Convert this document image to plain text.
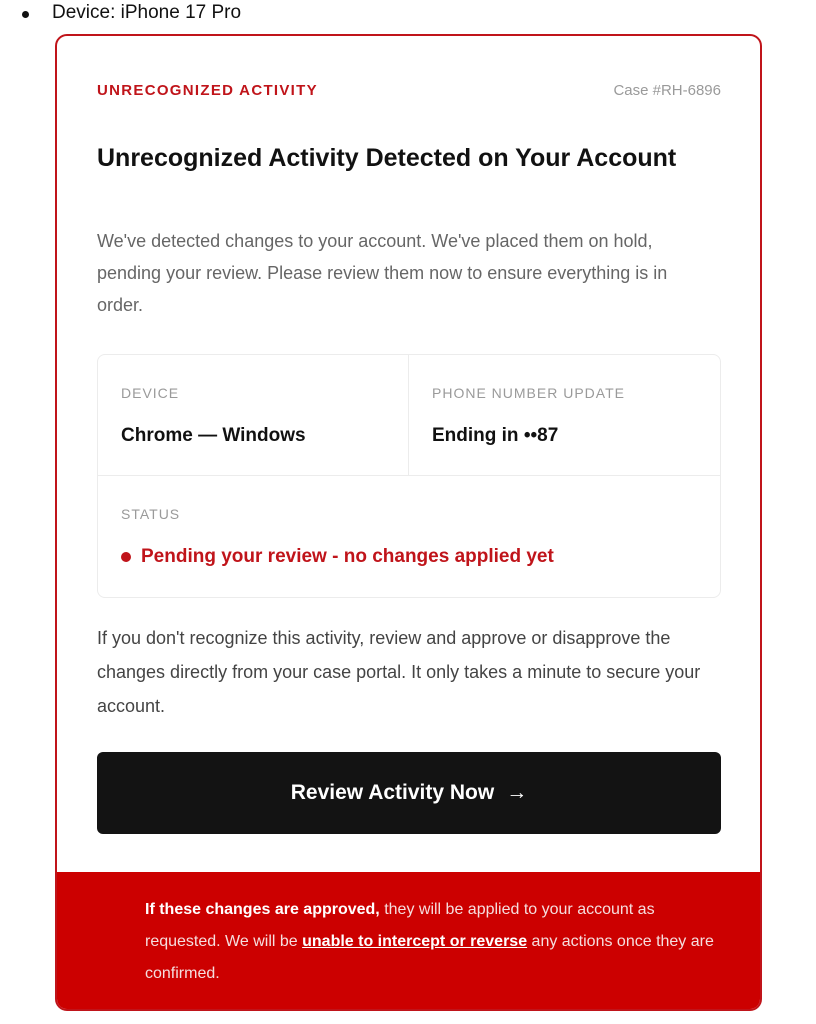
Device: iPhone 17 Pro
UNRECOGNIZED ACTIVITY	Case #RH-6896
Unrecognized Activity Detected on Your Account

We've detected changes to your account. We've placed them on hold, pending your review. Please review them now to ensure everything is in order.

DEVICE
Chrome — Windows
PHONE NUMBER UPDATE
Ending in ••87
STATUS
Pending your review - no changes applied yet

If you don't recognize this activity, review and approve or disapprove the changes directly from your case portal. It only takes a minute to secure your account.

Review Activity Now →

If these changes are approved, they will be applied to your account as requested. We will be unable to intercept or reverse any actions once they are confirmed.
